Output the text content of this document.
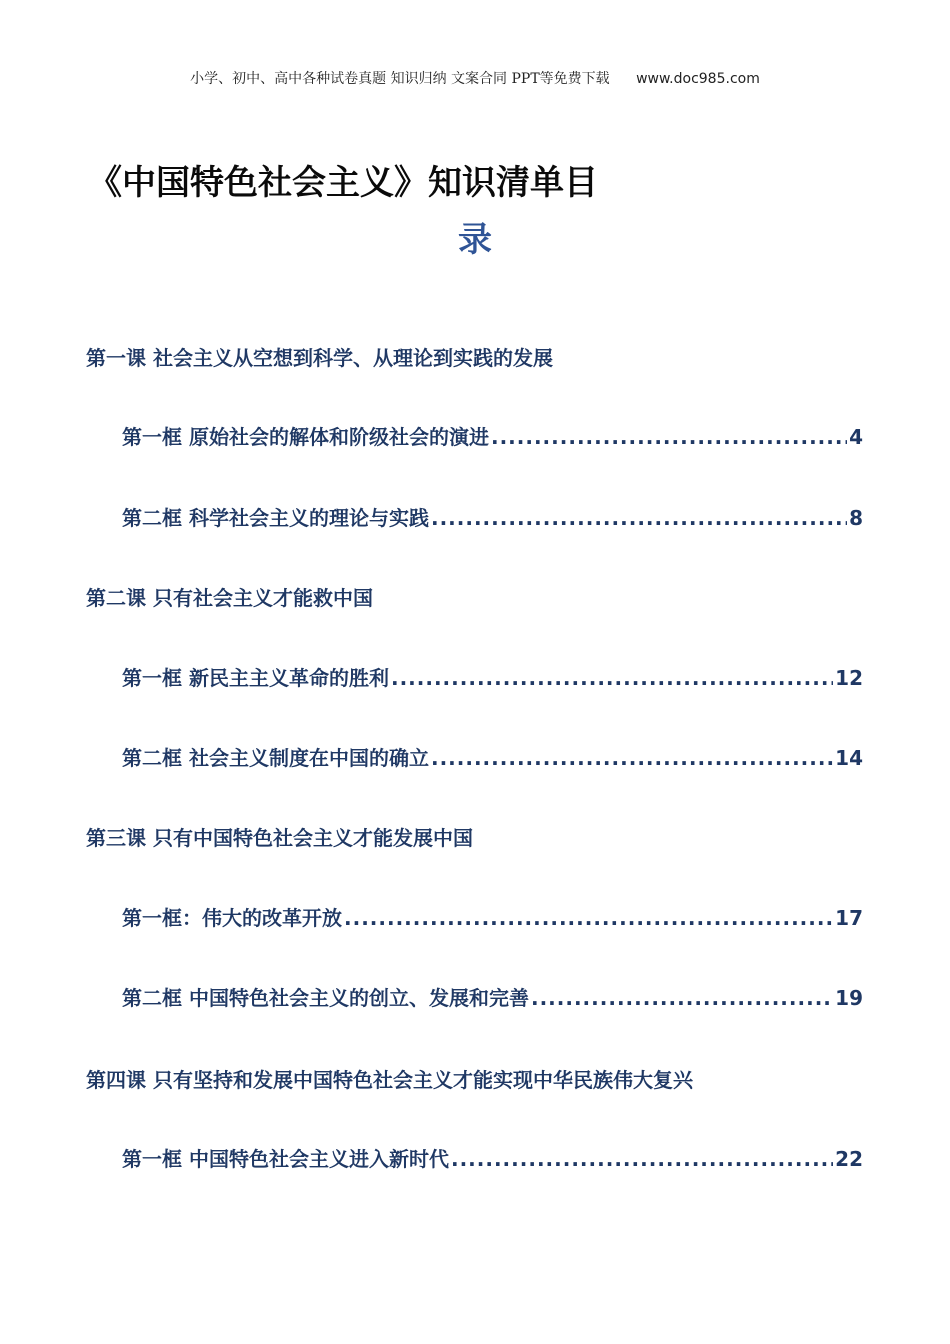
小学、初中、高中各种试卷真题 知识归纳 文案合同 PPT等免费下载 www.doc985.com
《中国特色社会主义》知识清单目
录
第一课 社会主义从空想到科学、从理论到实践的发展
第一框 原始社会的解体和阶级社会的演进 .....	4
第二框 科学社会主义的理论与实践 .....	8
第二课 只有社会主义才能救中国
第一框 新民主主义革命的胜利 .....	12
第二框 社会主义制度在中国的确立 .....	14
第三课 只有中国特色社会主义才能发展中国
第一框：伟大的改革开放 .....	17
第二框 中国特色社会主义的创立、发展和完善 .....	19
第四课 只有坚持和发展中国特色社会主义才能实现中华民族伟大复兴
第一框 中国特色社会主义进入新时代 .....	22
